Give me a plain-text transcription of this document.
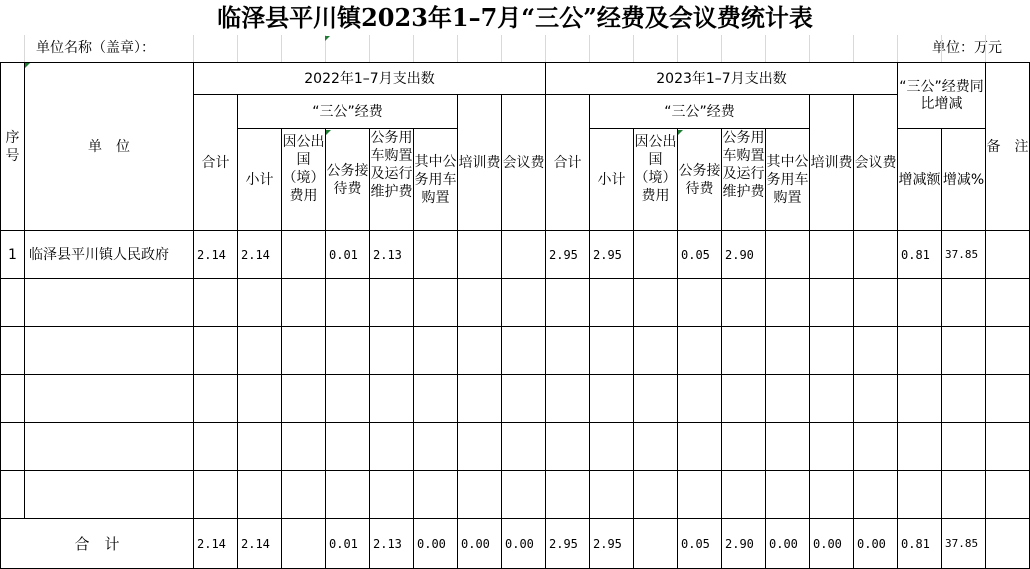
临泽县平川镇2023年1–7月“三公”经费及会议费统计表
单位名称（盖章）：	单位：万元
序号	单　位	2022年1–7月支出数								2023年1–7月支出数								“三公”经费同比增减		备　注
		合计	“三公”经费					培训费	会议费	合计	“三公”经费					培训费	会议费			
			小计	因公出国（境）费用	公务接待费	公务用车购置及运行维护费	其中公务用车购置				小计	因公出国（境）费用	公务接待费	公务用车购置及运行维护费	其中公务用车购置			增减额	增减%	
1	临泽县平川镇人民政府	2.14	2.14		0.01	2.13				2.95	2.95		0.05	2.90				0.81	37.85	

合　计		2.14	2.14		0.01	2.13	0.00	0.00	0.00	2.95	2.95		0.05	2.90	0.00	0.00	0.00	0.81	37.85	
